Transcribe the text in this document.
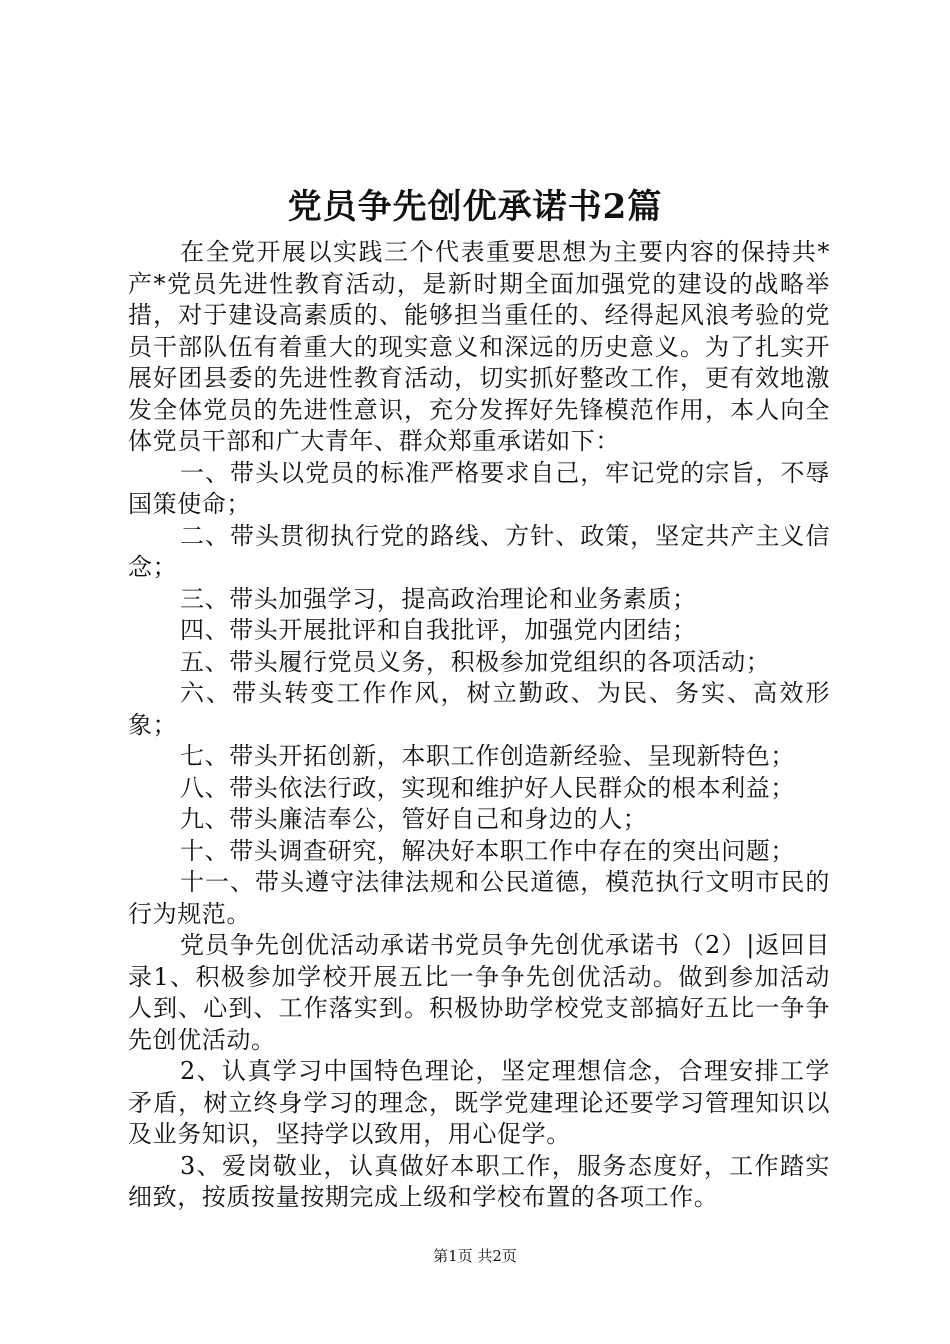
党员争先创优承诺书2篇

在全党开展以实践三个代表重要思想为主要内容的保持共*产*党员先进性教育活动，是新时期全面加强党的建设的战略举措，对于建设高素质的、能够担当重任的、经得起风浪考验的党员干部队伍有着重大的现实意义和深远的历史意义。为了扎实开展好团县委的先进性教育活动，切实抓好整改工作，更有效地激发全体党员的先进性意识，充分发挥好先锋模范作用，本人向全体党员干部和广大青年、群众郑重承诺如下：

一、带头以党员的标准严格要求自己，牢记党的宗旨，不辱国策使命；

二、带头贯彻执行党的路线、方针、政策，坚定共产主义信念；

三、带头加强学习，提高政治理论和业务素质；

四、带头开展批评和自我批评，加强党内团结；

五、带头履行党员义务，积极参加党组织的各项活动；

六、带头转变工作作风，树立勤政、为民、务实、高效形象；

七、带头开拓创新，本职工作创造新经验、呈现新特色；

八、带头依法行政，实现和维护好人民群众的根本利益；

九、带头廉洁奉公，管好自己和身边的人；

十、带头调查研究，解决好本职工作中存在的突出问题；

十一、带头遵守法律法规和公民道德，模范执行文明市民的行为规范。

党员争先创优活动承诺书党员争先创优承诺书（2）|返回目录1、积极参加学校开展五比一争争先创优活动。做到参加活动人到、心到、工作落实到。积极协助学校党支部搞好五比一争争先创优活动。

2、认真学习中国特色理论，坚定理想信念，合理安排工学矛盾，树立终身学习的理念，既学党建理论还要学习管理知识以及业务知识，坚持学以致用，用心促学。

3、爱岗敬业，认真做好本职工作，服务态度好，工作踏实细致，按质按量按期完成上级和学校布置的各项工作。

第1页 共2页
